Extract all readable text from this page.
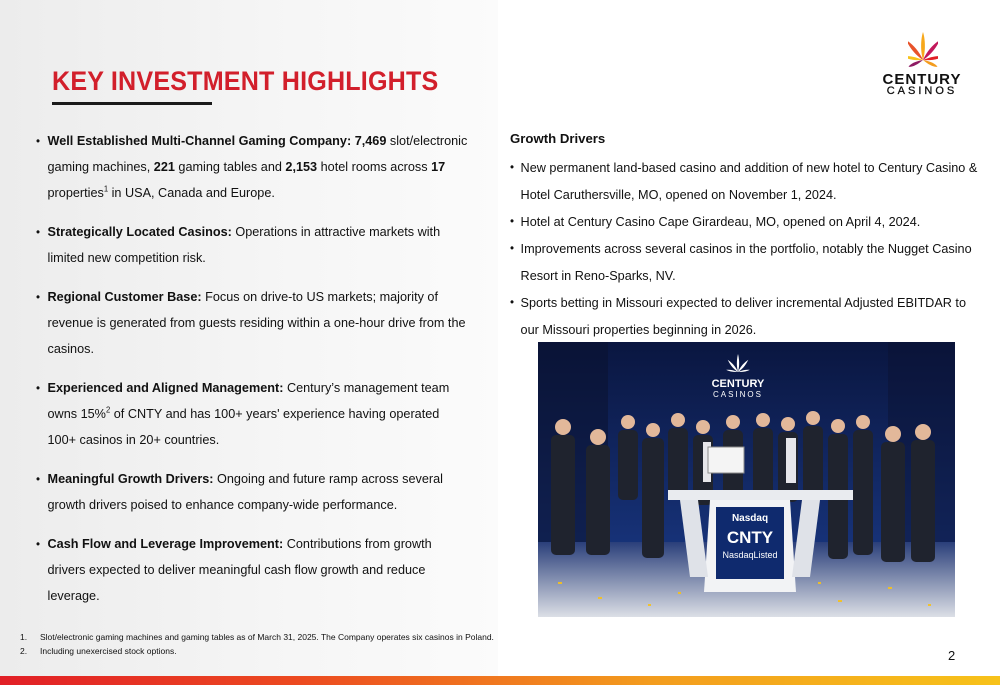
KEY INVESTMENT HIGHLIGHTS	CENTURY
CASINOS
• Well Established Multi-Channel Gaming Company: 7,469 slot/electronic gaming machines, 221 gaming tables and 2,153 hotel rooms across 17 properties$^1$ in USA, Canada and Europe.
• Strategically Located Casinos: Operations in attractive markets with limited new competition risk.
• Regional Customer Base: Focus on drive-to US markets; majority of revenue is generated from guests residing within a one-hour drive from the casinos.
• Experienced and Aligned Management: Century’s management team owns 15%$^2$ of CNTY and has 100+ years' experience having operated 100+ casinos in 20+ countries.
• Meaningful Growth Drivers: Ongoing and future ramp across several growth drivers poised to enhance company-wide performance.
• Cash Flow and Leverage Improvement: Contributions from growth drivers expected to deliver meaningful cash flow growth and reduce leverage.
Growth Drivers
• New permanent land-based casino and addition of new hotel to Century Casino & Hotel Caruthersville, MO, opened on November 1, 2024.
• Hotel at Century Casino Cape Girardeau, MO, opened on April 4, 2024.
• Improvements across several casinos in the portfolio, notably the Nugget Casino Resort in Reno-Sparks, NV.
• Sports betting in Missouri expected to deliver incremental Adjusted EBITDAR to our Missouri properties beginning in 2026.
CENTURY
CASINOS
Nasdaq
CNTY
NasdaqListed
1.	Slot/electronic gaming machines and gaming tables as of March 31, 2025. The Company operates six casinos in Poland.
2.	Including unexercised stock options.	2
